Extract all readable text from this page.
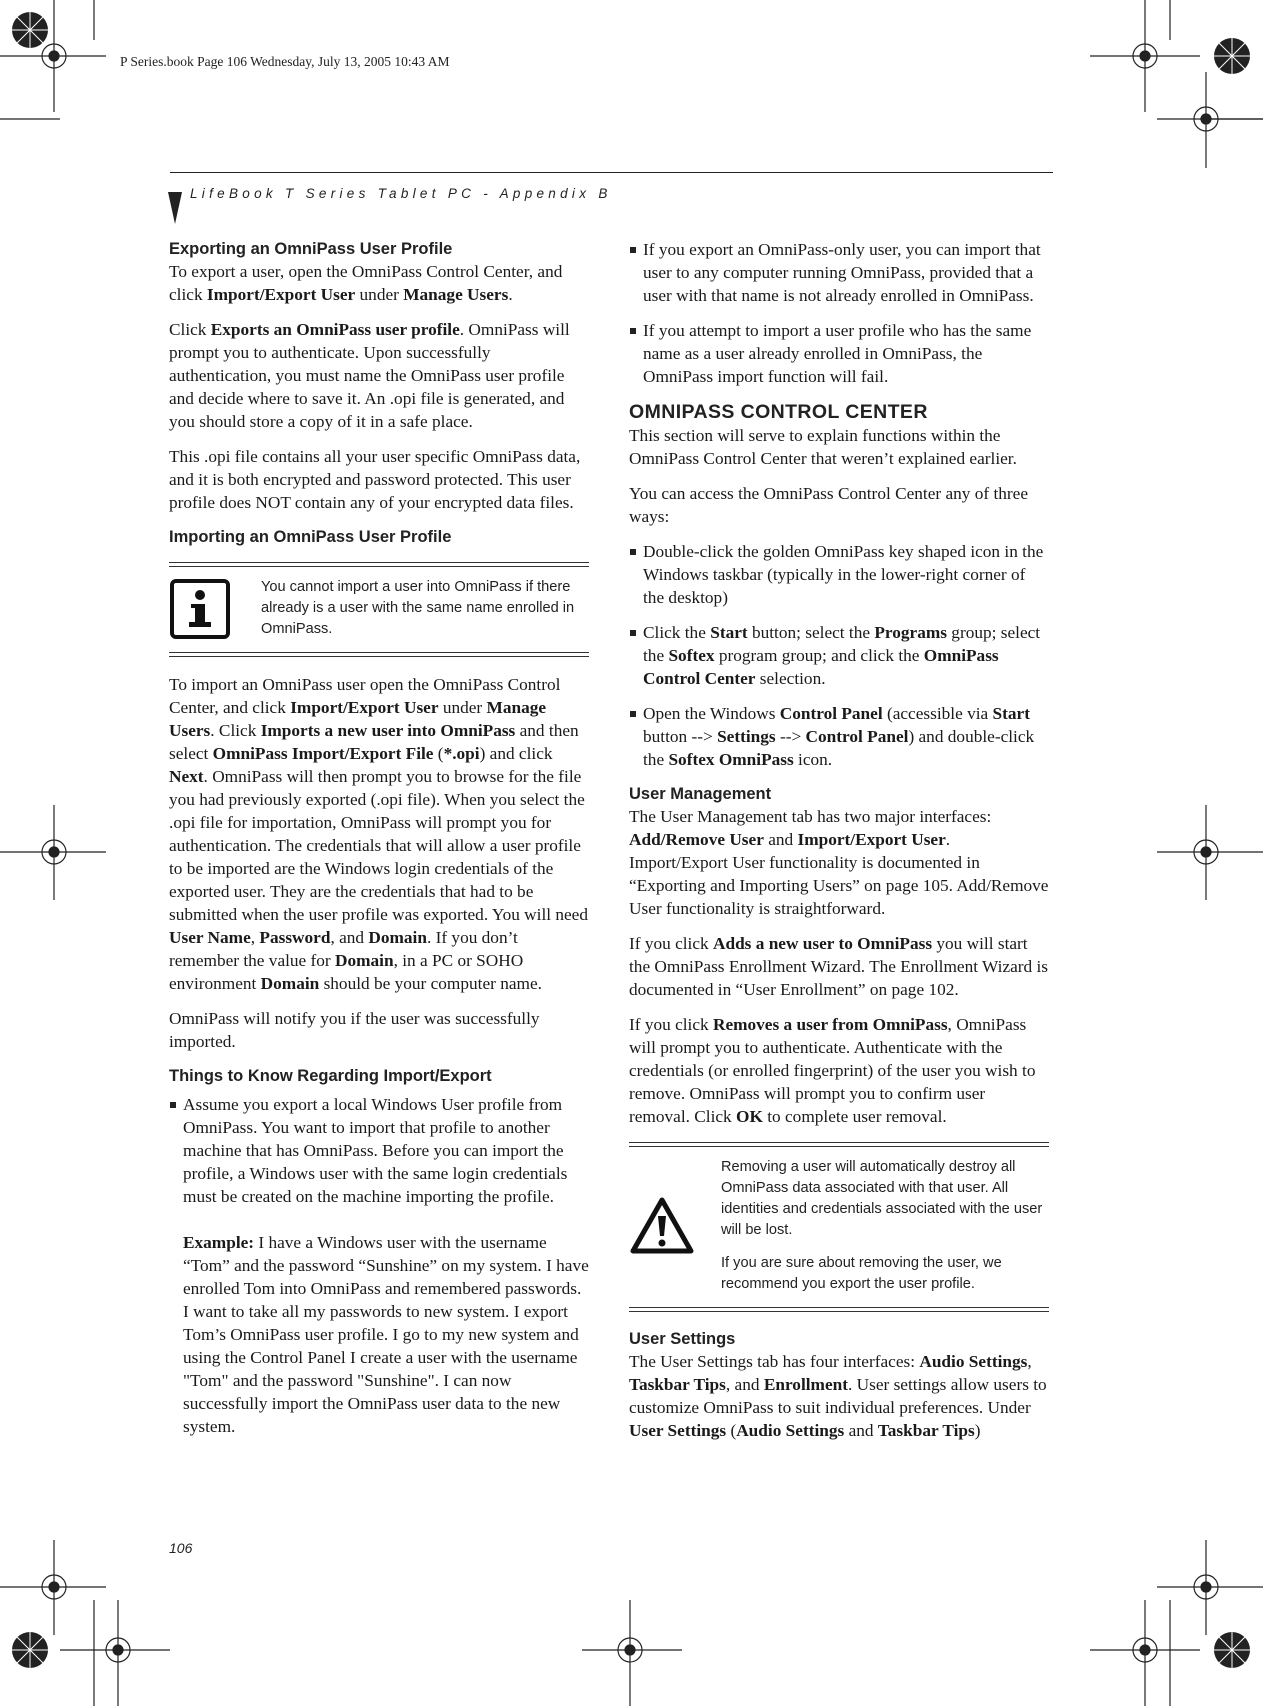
P Series.book Page 106 Wednesday, July 13, 2005 10:43 AM
LifeBook T Series Tablet PC - Appendix B
Exporting an OmniPass User Profile

To export a user, open the OmniPass Control Center, and click Import/Export User under Manage Users.

Click Exports an OmniPass user profile. OmniPass will prompt you to authenticate. Upon successfully authentication, you must name the OmniPass user profile and decide where to save it. An .opi file is generated, and you should store a copy of it in a safe place.

This .opi file contains all your user specific OmniPass data, and it is both encrypted and password protected. This user profile does NOT contain any of your encrypted data files.

Importing an OmniPass User Profile
You cannot import a user into OmniPass if there already is a user with the same name enrolled in OmniPass.

To import an OmniPass user open the OmniPass Control Center, and click Import/Export User under Manage Users. Click Imports a new user into OmniPass and then select OmniPass Import/Export File (*.opi) and click Next. OmniPass will then prompt you to browse for the file you had previously exported (.opi file). When you select the .opi file for importation, OmniPass will prompt you for authentication. The credentials that will allow a user profile to be imported are the Windows login credentials of the exported user. They are the credentials that had to be submitted when the user profile was exported. You will need User Name, Password, and Domain. If you don’t remember the value for Domain, in a PC or SOHO environment Domain should be your computer name.

OmniPass will notify you if the user was successfully imported.

Things to Know Regarding Import/Export
Assume you export a local Windows User profile from OmniPass. You want to import that profile to another machine that has OmniPass. Before you can import the profile, a Windows user with the same login credentials must be created on the machine importing the profile.
Example: I have a Windows user with the username “Tom” and the password “Sunshine” on my system. I have enrolled Tom into OmniPass and remembered passwords. I want to take all my passwords to new system. I export Tom’s OmniPass user profile. I go to my new system and using the Control Panel I create a user with the username "Tom" and the password "Sunshine". I can now successfully import the OmniPass user data to the new system.
If you export an OmniPass-only user, you can import that user to any computer running OmniPass, provided that a user with that name is not already enrolled in OmniPass.
If you attempt to import a user profile who has the same name as a user already enrolled in OmniPass, the OmniPass import function will fail.
OMNIPASS CONTROL CENTER

This section will serve to explain functions within the OmniPass Control Center that weren’t explained earlier.

You can access the OmniPass Control Center any of three ways:

Double-click the golden OmniPass key shaped icon in the Windows taskbar (typically in the lower-right corner of the desktop)
Click the Start button; select the Programs group; select the Softex program group; and click the OmniPass Control Center selection.
Open the Windows Control Panel (accessible via Start button --> Settings --> Control Panel) and double-click the Softex OmniPass icon.
User Management

The User Management tab has two major interfaces: Add/Remove User and Import/Export User. Import/Export User functionality is documented in “Exporting and Importing Users” on page 105. Add/Remove User functionality is straightforward.

If you click Adds a new user to OmniPass you will start the OmniPass Enrollment Wizard. The Enrollment Wizard is documented in “User Enrollment” on page 102.

If you click Removes a user from OmniPass, OmniPass will prompt you to authenticate. Authenticate with the credentials (or enrolled fingerprint) of the user you wish to remove. OmniPass will prompt you to confirm user removal. Click OK to complete user removal.

Removing a user will automatically destroy all OmniPass data associated with that user. All identities and credentials associated with the user will be lost.

If you are sure about removing the user, we recommend you export the user profile.

User Settings

The User Settings tab has four interfaces: Audio Settings, Taskbar Tips, and Enrollment. User settings allow users to customize OmniPass to suit individual preferences. Under User Settings (Audio Settings and Taskbar Tips)

106
